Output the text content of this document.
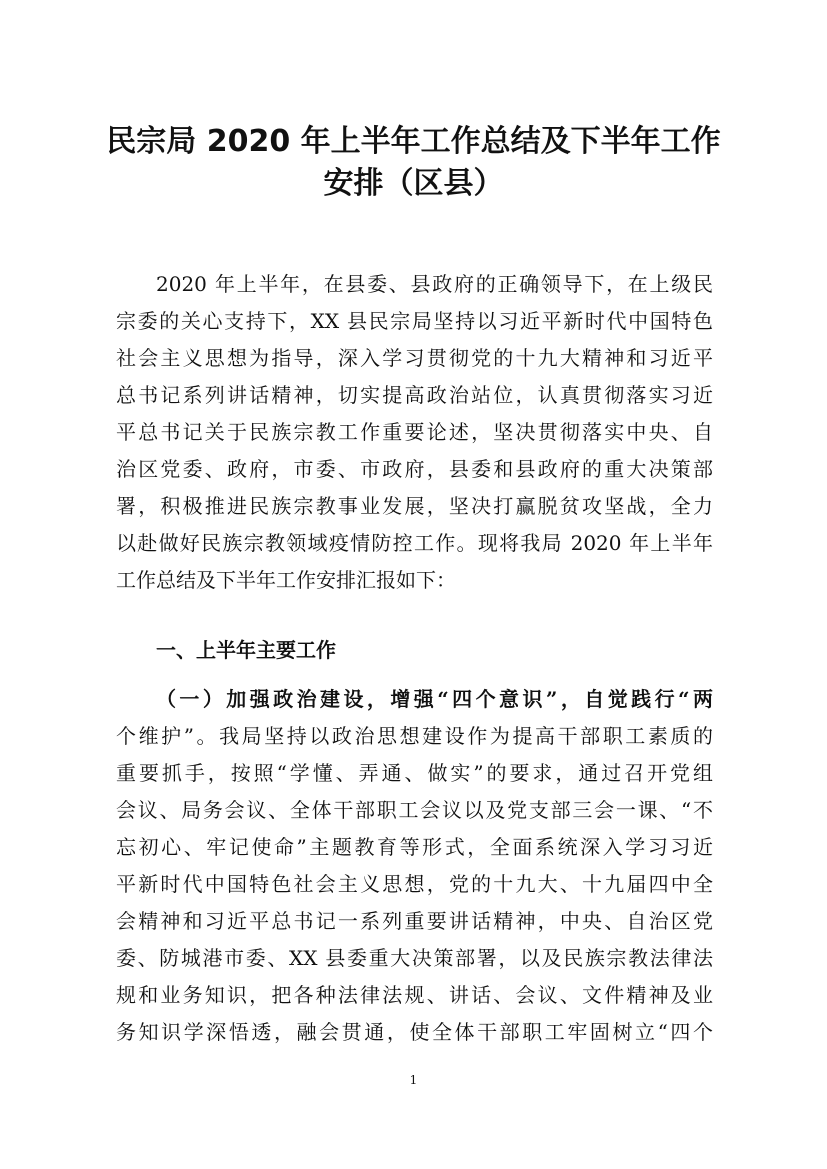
民宗局 2020 年上半年工作总结及下半年工作
安排（区县）
2020 年上半年，在县委、县政府的正确领导下，在上级民
宗委的关心支持下，XX 县民宗局坚持以习近平新时代中国特色
社会主义思想为指导，深入学习贯彻党的十九大精神和习近平
总书记系列讲话精神，切实提高政治站位，认真贯彻落实习近
平总书记关于民族宗教工作重要论述，坚决贯彻落实中央、自
治区党委、政府，市委、市政府，县委和县政府的重大决策部
署，积极推进民族宗教事业发展，坚决打赢脱贫攻坚战，全力
以赴做好民族宗教领域疫情防控工作。现将我局 2020 年上半年
工作总结及下半年工作安排汇报如下：
一、上半年主要工作
（一）加强政治建设，增强“四个意识”，自觉践行“两
个维护”。我局坚持以政治思想建设作为提高干部职工素质的
重要抓手，按照“学懂、弄通、做实”的要求，通过召开党组
会议、局务会议、全体干部职工会议以及党支部三会一课、“不
忘初心、牢记使命”主题教育等形式，全面系统深入学习习近
平新时代中国特色社会主义思想，党的十九大、十九届四中全
会精神和习近平总书记一系列重要讲话精神，中央、自治区党
委、防城港市委、XX 县委重大决策部署，以及民族宗教法律法
规和业务知识，把各种法律法规、讲话、会议、文件精神及业
务知识学深悟透，融会贯通，使全体干部职工牢固树立“四个
1
